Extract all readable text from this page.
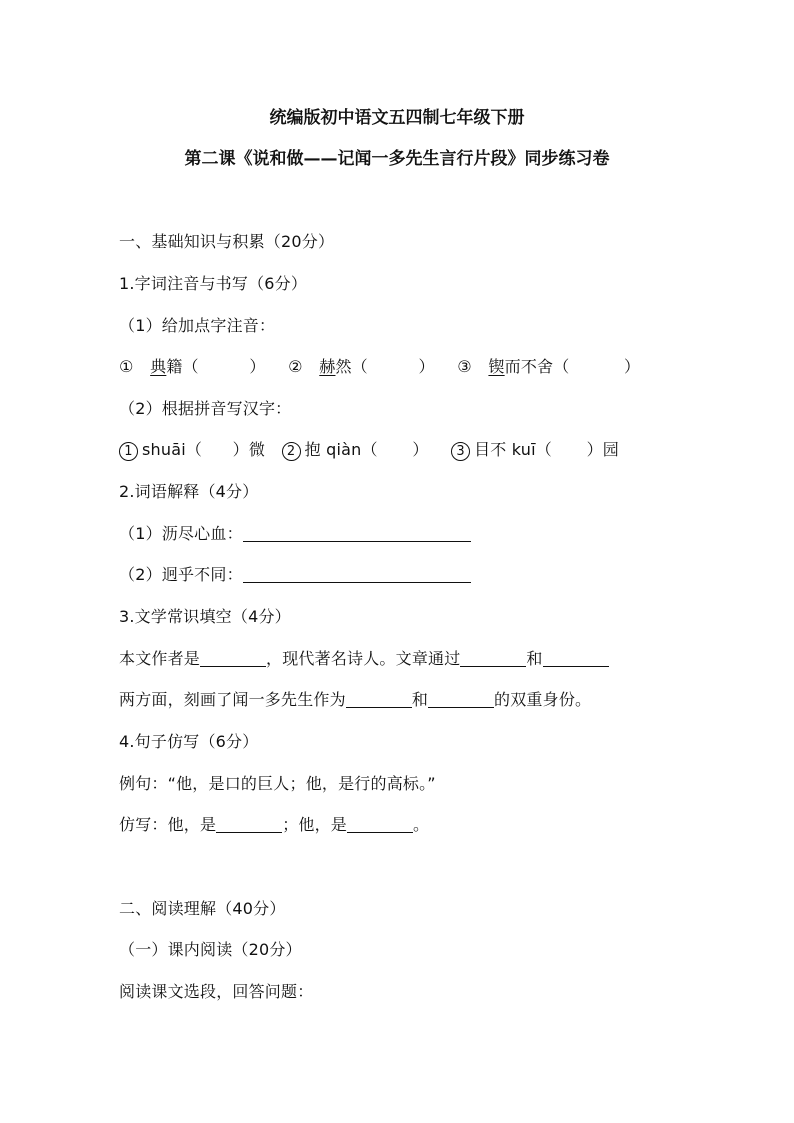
统编版初中语文五四制七年级下册
第二课《说和做——记闻一多先生言行片段》同步练习卷
一、基础知识与积累（20分）
1.字词注音与书写（6分）
（1）给加点字注音：
① 典籍（	） ② 赫然（	） ③ 锲而不舍（	）
（2）根据拼音写汉字：
1 shuāi（ ）微 2 抱 qiàn（ ） 3 目不 kuī（ ）园
2.词语解释（4分）
（1）沥尽心血：
（2）迥乎不同：
3.文学常识填空（4分）
本文作者是	，现代著名诗人。文章通过	和
两方面，刻画了闻一多先生作为	和	的双重身份。
4.句子仿写（6分）
例句：“他，是口的巨人；他，是行的高标。”
仿写：他，是	；他，是	。
二、阅读理解（40分）
（一）课内阅读（20分）
阅读课文选段，回答问题：
